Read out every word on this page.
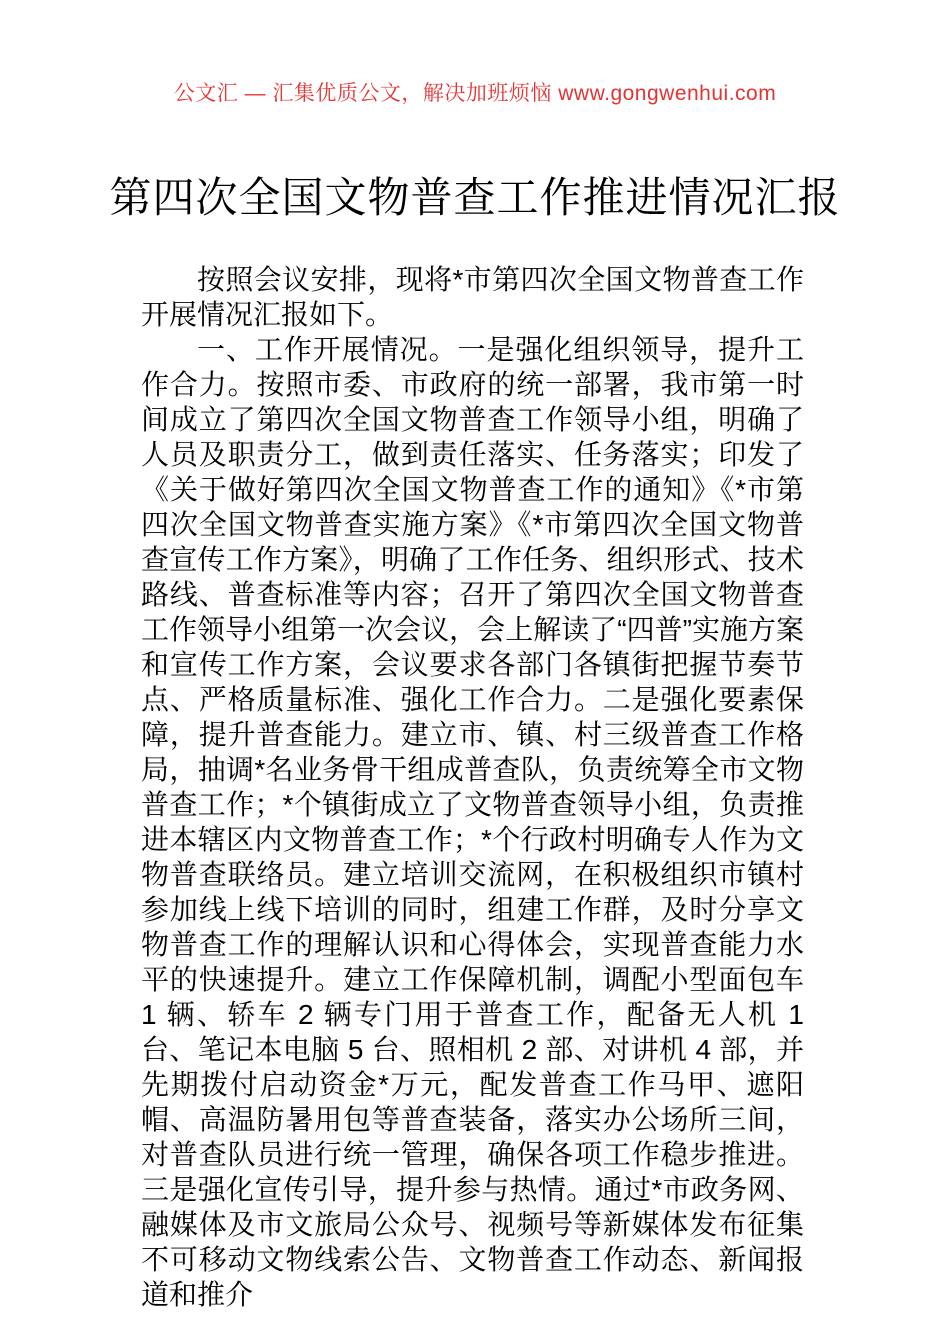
公文汇 — 汇集优质公文，解决加班烦恼 www.gongwenhui.com
第四次全国文物普查工作推进情况汇报

按照会议安排，现将*市第四次全国文物普查工作开展情况汇报如下。

一、工作开展情况。一是强化组织领导，提升工作合力。按照市委、市政府的统一部署，我市第一时间成立了第四次全国文物普查工作领导小组，明确了人员及职责分工，做到责任落实、任务落实；印发了《关于做好第四次全国文物普查工作的通知》《*市第四次全国文物普查实施方案》《*市第四次全国文物普查宣传工作方案》，明确了工作任务、组织形式、技术路线、普查标准等内容；召开了第四次全国文物普查工作领导小组第一次会议，会上解读了“四普”实施方案和宣传工作方案，会议要求各部门各镇街把握节奏节点、严格质量标准、强化工作合力。二是强化要素保障，提升普查能力。建立市、镇、村三级普查工作格局，抽调*名业务骨干组成普查队，负责统筹全市文物普查工作；*个镇街成立了文物普查领导小组，负责推进本辖区内文物普查工作；*个行政村明确专人作为文物普查联络员。建立培训交流网，在积极组织市镇村参加线上线下培训的同时，组建工作群，及时分享文物普查工作的理解认识和心得体会，实现普查能力水平的快速提升。建立工作保障机制，调配小型面包车 1 辆、轿车 2 辆专门用于普查工作，配备无人机 1 台、笔记本电脑 5 台、照相机 2 部、对讲机 4 部，并先期拨付启动资金*万元，配发普查工作马甲、遮阳帽、高温防暑用包等普查装备，落实办公场所三间，对普查队员进行统一管理，确保各项工作稳步推进。三是强化宣传引导，提升参与热情。通过*市政务网、融媒体及市文旅局公众号、视频号等新媒体发布征集不可移动文物线索公告、文物普查工作动态、新闻报道和推介
